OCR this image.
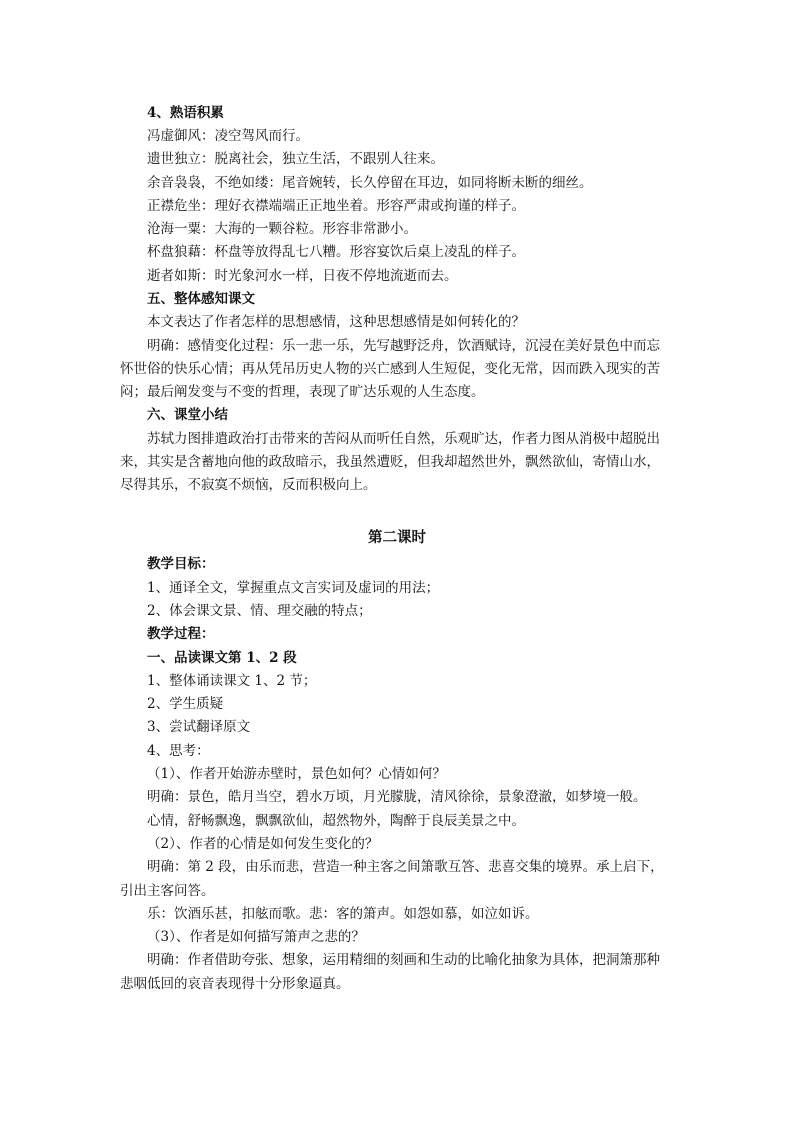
4、熟语积累
冯虚御风：凌空驾风而行。
遗世独立：脱离社会，独立生活，不跟别人往来。
余音袅袅，不绝如缕：尾音婉转，长久停留在耳边，如同将断未断的细丝。
正襟危坐：理好衣襟端端正正地坐着。形容严肃或拘谨的样子。
沧海一粟：大海的一颗谷粒。形容非常渺小。
杯盘狼藉：杯盘等放得乱七八糟。形容宴饮后桌上凌乱的样子。
逝者如斯：时光象河水一样，日夜不停地流逝而去。
五、整体感知课文
本文表达了作者怎样的思想感情，这种思想感情是如何转化的？
明确：感情变化过程：乐一悲一乐，先写越野泛舟，饮酒赋诗，沉浸在美好景色中而忘
怀世俗的快乐心情；再从凭吊历史人物的兴亡感到人生短促，变化无常，因而跌入现实的苦
闷；最后阐发变与不变的哲理，表现了旷达乐观的人生态度。
六、课堂小结
苏轼力图排遣政治打击带来的苦闷从而听任自然，乐观旷达，作者力图从消极中超脱出
来，其实是含蓄地向他的政敌暗示，我虽然遭贬，但我却超然世外，飘然欲仙，寄情山水，
尽得其乐，不寂寞不烦恼，反而积极向上。
第二课时
教学目标：
1、通译全文，掌握重点文言实词及虚词的用法；
2、体会课文景、情、理交融的特点；
教学过程：
一、品读课文第 1、2 段
1、整体诵读课文 1、2 节；
2、学生质疑
3、尝试翻译原文
4、思考：
（1）、作者开始游赤壁时，景色如何？心情如何？
明确：景色，皓月当空，碧水万顷，月光朦胧，清风徐徐，景象澄澈，如梦境一般。
心情，舒畅飘逸，飘飘欲仙，超然物外，陶醉于良辰美景之中。
（2）、作者的心情是如何发生变化的？
明确：第 2 段，由乐而悲，营造一种主客之间箫歌互答、悲喜交集的境界。承上启下，
引出主客问答。
乐：饮酒乐甚，扣舷而歌。悲：客的箫声。如怨如慕，如泣如诉。
（3）、作者是如何描写箫声之悲的？
明确：作者借助夸张、想象，运用精细的刻画和生动的比喻化抽象为具体，把洞箫那种
悲咽低回的哀音表现得十分形象逼真。
